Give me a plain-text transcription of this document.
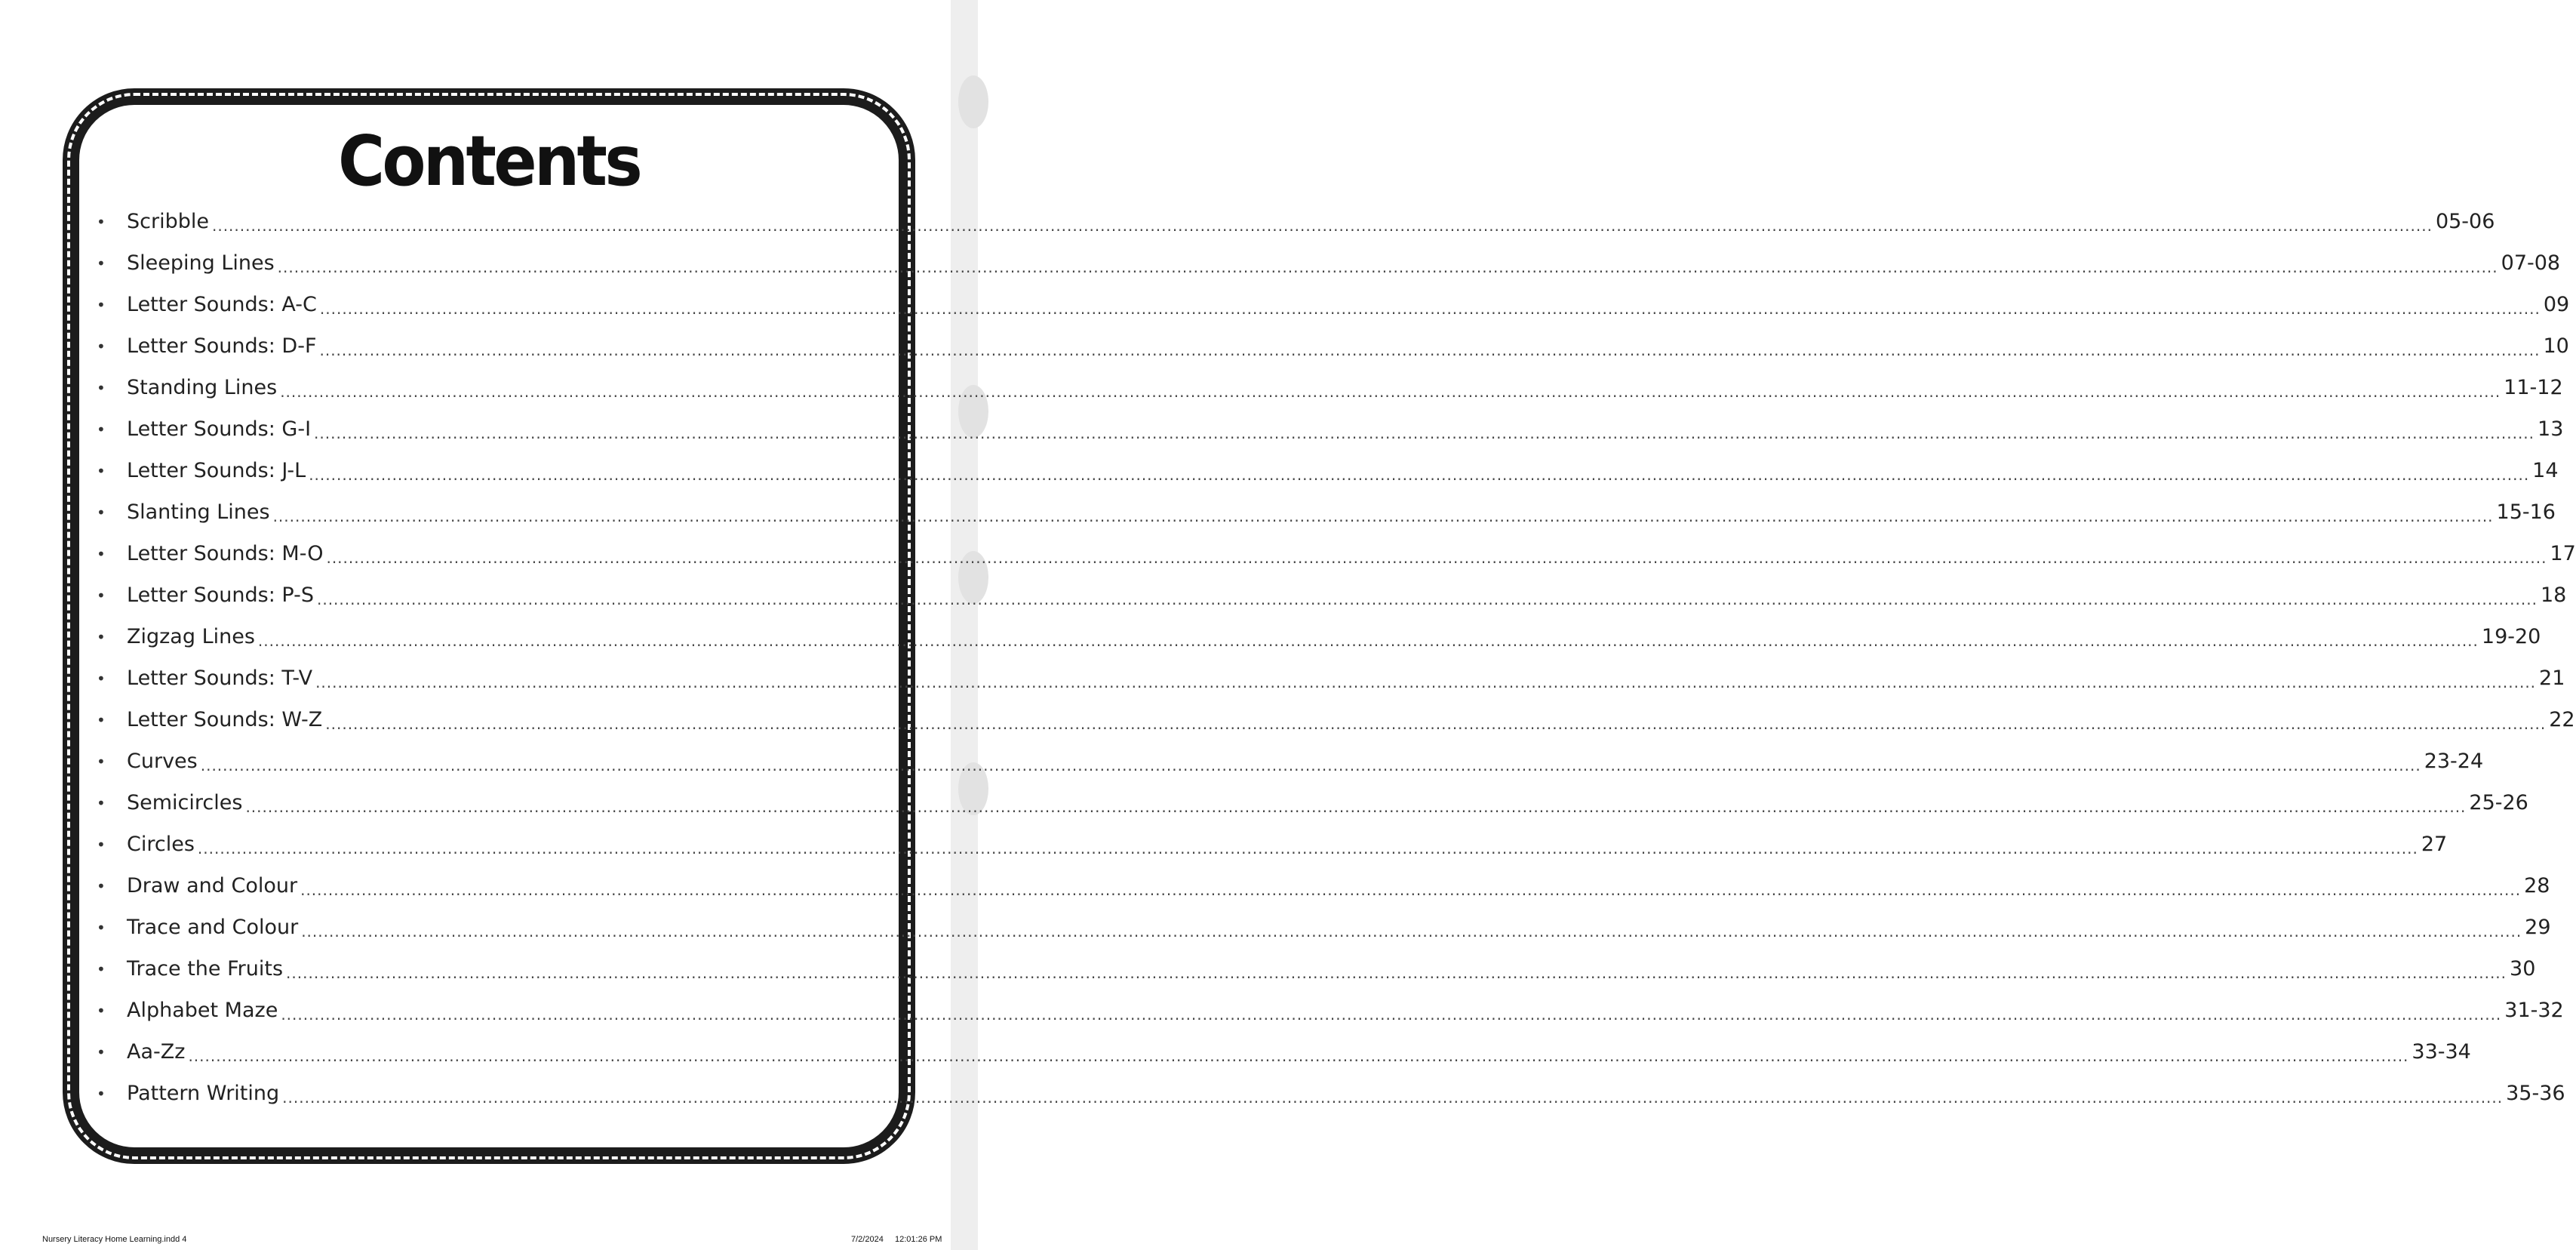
Contents
•	Scribble ................................................................................................................................................................................................................................................................................................................................................................................................................ 05-06
•	Sleeping Lines ................................................................................................................................................................................................................................................................................................................................................................................................................ 07-08
•	Letter Sounds: A-C ................................................................................................................................................................................................................................................................................................................................................................................................................ 09
•	Letter Sounds: D-F ................................................................................................................................................................................................................................................................................................................................................................................................................ 10
•	Standing Lines ................................................................................................................................................................................................................................................................................................................................................................................................................ 11-12
•	Letter Sounds: G-I ................................................................................................................................................................................................................................................................................................................................................................................................................ 13
•	Letter Sounds: J-L ................................................................................................................................................................................................................................................................................................................................................................................................................ 14
•	Slanting Lines ................................................................................................................................................................................................................................................................................................................................................................................................................ 15-16
•	Letter Sounds: M-O ................................................................................................................................................................................................................................................................................................................................................................................................................ 17
•	Letter Sounds: P-S ................................................................................................................................................................................................................................................................................................................................................................................................................ 18
•	Zigzag Lines ................................................................................................................................................................................................................................................................................................................................................................................................................ 19-20
•	Letter Sounds: T-V ................................................................................................................................................................................................................................................................................................................................................................................................................ 21
•	Letter Sounds: W-Z ................................................................................................................................................................................................................................................................................................................................................................................................................ 22
•	Curves ................................................................................................................................................................................................................................................................................................................................................................................................................ 23-24
•	Semicircles ................................................................................................................................................................................................................................................................................................................................................................................................................ 25-26
•	Circles ................................................................................................................................................................................................................................................................................................................................................................................................................ 27
•	Draw and Colour ................................................................................................................................................................................................................................................................................................................................................................................................................ 28
•	Trace and Colour ................................................................................................................................................................................................................................................................................................................................................................................................................ 29
•	Trace the Fruits ................................................................................................................................................................................................................................................................................................................................................................................................................ 30
•	Alphabet Maze ................................................................................................................................................................................................................................................................................................................................................................................................................ 31-32
•	Aa-Zz ................................................................................................................................................................................................................................................................................................................................................................................................................ 33-34
•	Pattern Writing ................................................................................................................................................................................................................................................................................................................................................................................................................ 35-36
Nursery Literacy Home Learning.indd 4	7/2/2024 12:01:26 PM
